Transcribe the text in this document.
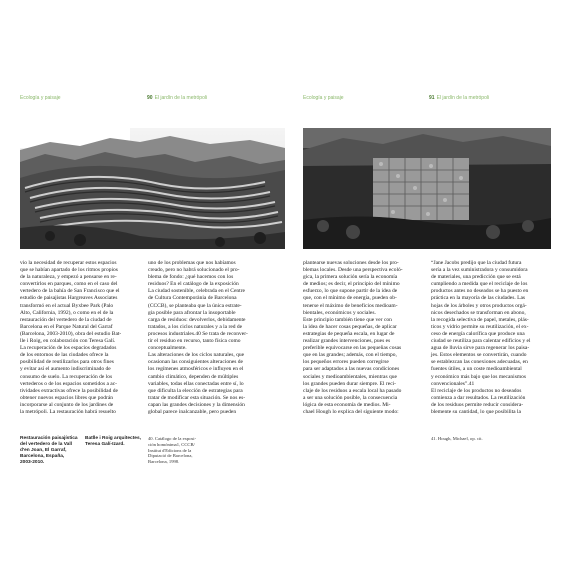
Ecología y paisaje	90 El jardín de la metrópoli	Ecología y paisaje	91 El jardín de la metrópoli
vio la necesidad de recuperar estos espacios
que se habían apartado de los ritmos propios
de la naturaleza, y empezó a pensarse en re-
convertirlos en parques, como en el caso del
vertedero de la bahía de San Francisco que el
estudio de paisajistas Hargreaves Associates
transformó en el actual Byxbee Park (Palo
Alto, California, 1992), o como en el de la
restauración del vertedero de la ciudad de
Barcelona en el Parque Natural del Garraf
(Barcelona, 2003-2010), obra del estudio Bat-
lle i Roig, en colaboración con Teresa Galí.
La recuperación de los espacios degradados
de los entornos de las ciudades ofrece la
posibilidad de reutilizarlos para otros fines
y evitar así el aumento indiscriminado de
consumo de suelo. La recuperación de los
vertederos o de los espacios sometidos a ac-
tividades extractivas ofrece la posibilidad de
obtener nuevos espacios libres que podrán
incorporarse al conjunto de los jardines de
la metrópoli. La restauración habrá resuelto
uno de los problemas que nos habíamos
creado, pero no habrá solucionado el pro-
blema de fondo: ¿qué hacemos con los
residuos? En el catálogo de la exposición
La ciudad sostenible, celebrada en el Centre
de Cultura Contemporània de Barcelona
(CCCB), se planteaba que la única estrate-
gia posible para afrontar la insoportable
carga de residuos: devolverlos, debidamente
tratados, a los ciclos naturales y a la red de
procesos industriales.40 Se trata de reconver-
tir el residuo en recurso, tanto física como
conceptualmente.
Las alteraciones de los ciclos naturales, que
ocasionan las consiguientes alteraciones de
los regímenes atmosféricos e influyen en el
cambio climático, dependen de múltiples
variables, todas ellas conectadas entre sí, lo
que dificulta la elección de estrategias para
tratar de modificar esta situación. Se nos es-
capan las grandes decisiones y la dimensión
global parece inalcanzable, pero pueden
plantearse nuevas soluciones desde los pro-
blemas locales. Desde una perspectiva ecoló-
gica, la primera solución sería la economía
de medios; es decir, el principio del mínimo
esfuerzo, lo que supone partir de la idea de
que, con el mínimo de energía, pueden ob-
tenerse el máximo de beneficios medioam-
bientales, económicos y sociales.
Este principio también tiene que ver con
la idea de hacer cosas pequeñas, de aplicar
estrategias de pequeña escala, en lugar de
realizar grandes intervenciones, pues es
preferible equivocarse en las pequeñas cosas
que en las grandes; además, con el tiempo,
los pequeños errores pueden corregirse
para ser adaptados a las nuevas condiciones
sociales y medioambientales, mientras que
los grandes pueden durar siempre. El reci-
claje de los residuos a escala local ha pasado
a ser una solución posible, la consecuencia
lógica de esta economía de medios. Mi-
chael Hough lo explica del siguiente modo:
“Jane Jacobs predijo que la ciudad futura
sería a la vez suministradora y consumidora
de materiales, una predicción que se está
cumpliendo a medida que el reciclaje de los
productos antes no deseados se ha puesto en
práctica en la mayoría de las ciudades. Las
hojas de los árboles y otros productos orgá-
nicos desechados se transforman en abono,
la recogida selectiva de papel, metales, plás-
ticos y vidrio permite su reutilización, el ex-
ceso de energía calorífica que produce una
ciudad se reutiliza para calentar edificios y el
agua de lluvia sirve para regenerar los paisa-
jes. Estos elementos se convertirán, cuando
se establezcan las conexiones adecuadas, en
fuentes útiles, a un coste medioambiental
y económico más bajo que los mecanismos
convencionales”.41
El reciclaje de los productos no deseados
comienza a dar resultados. La reutilización
de los residuos permite reducir considera-
blemente su cantidad, lo que posibilita la
Restauración paisajística
del vertedero de la Vall
d'en Joan, El Garraf,
Barcelona, España,
2003-2010.
Batlle i Roig arquitectes,
Teresa Galí-Izard.
40. Catálogo de la exposi-
ción homónima1, CCCB/
Institut d'Edicions de la
Diputació de Barcelona,
Barcelona, 1998.
41. Hough, Michael, op. cit.
